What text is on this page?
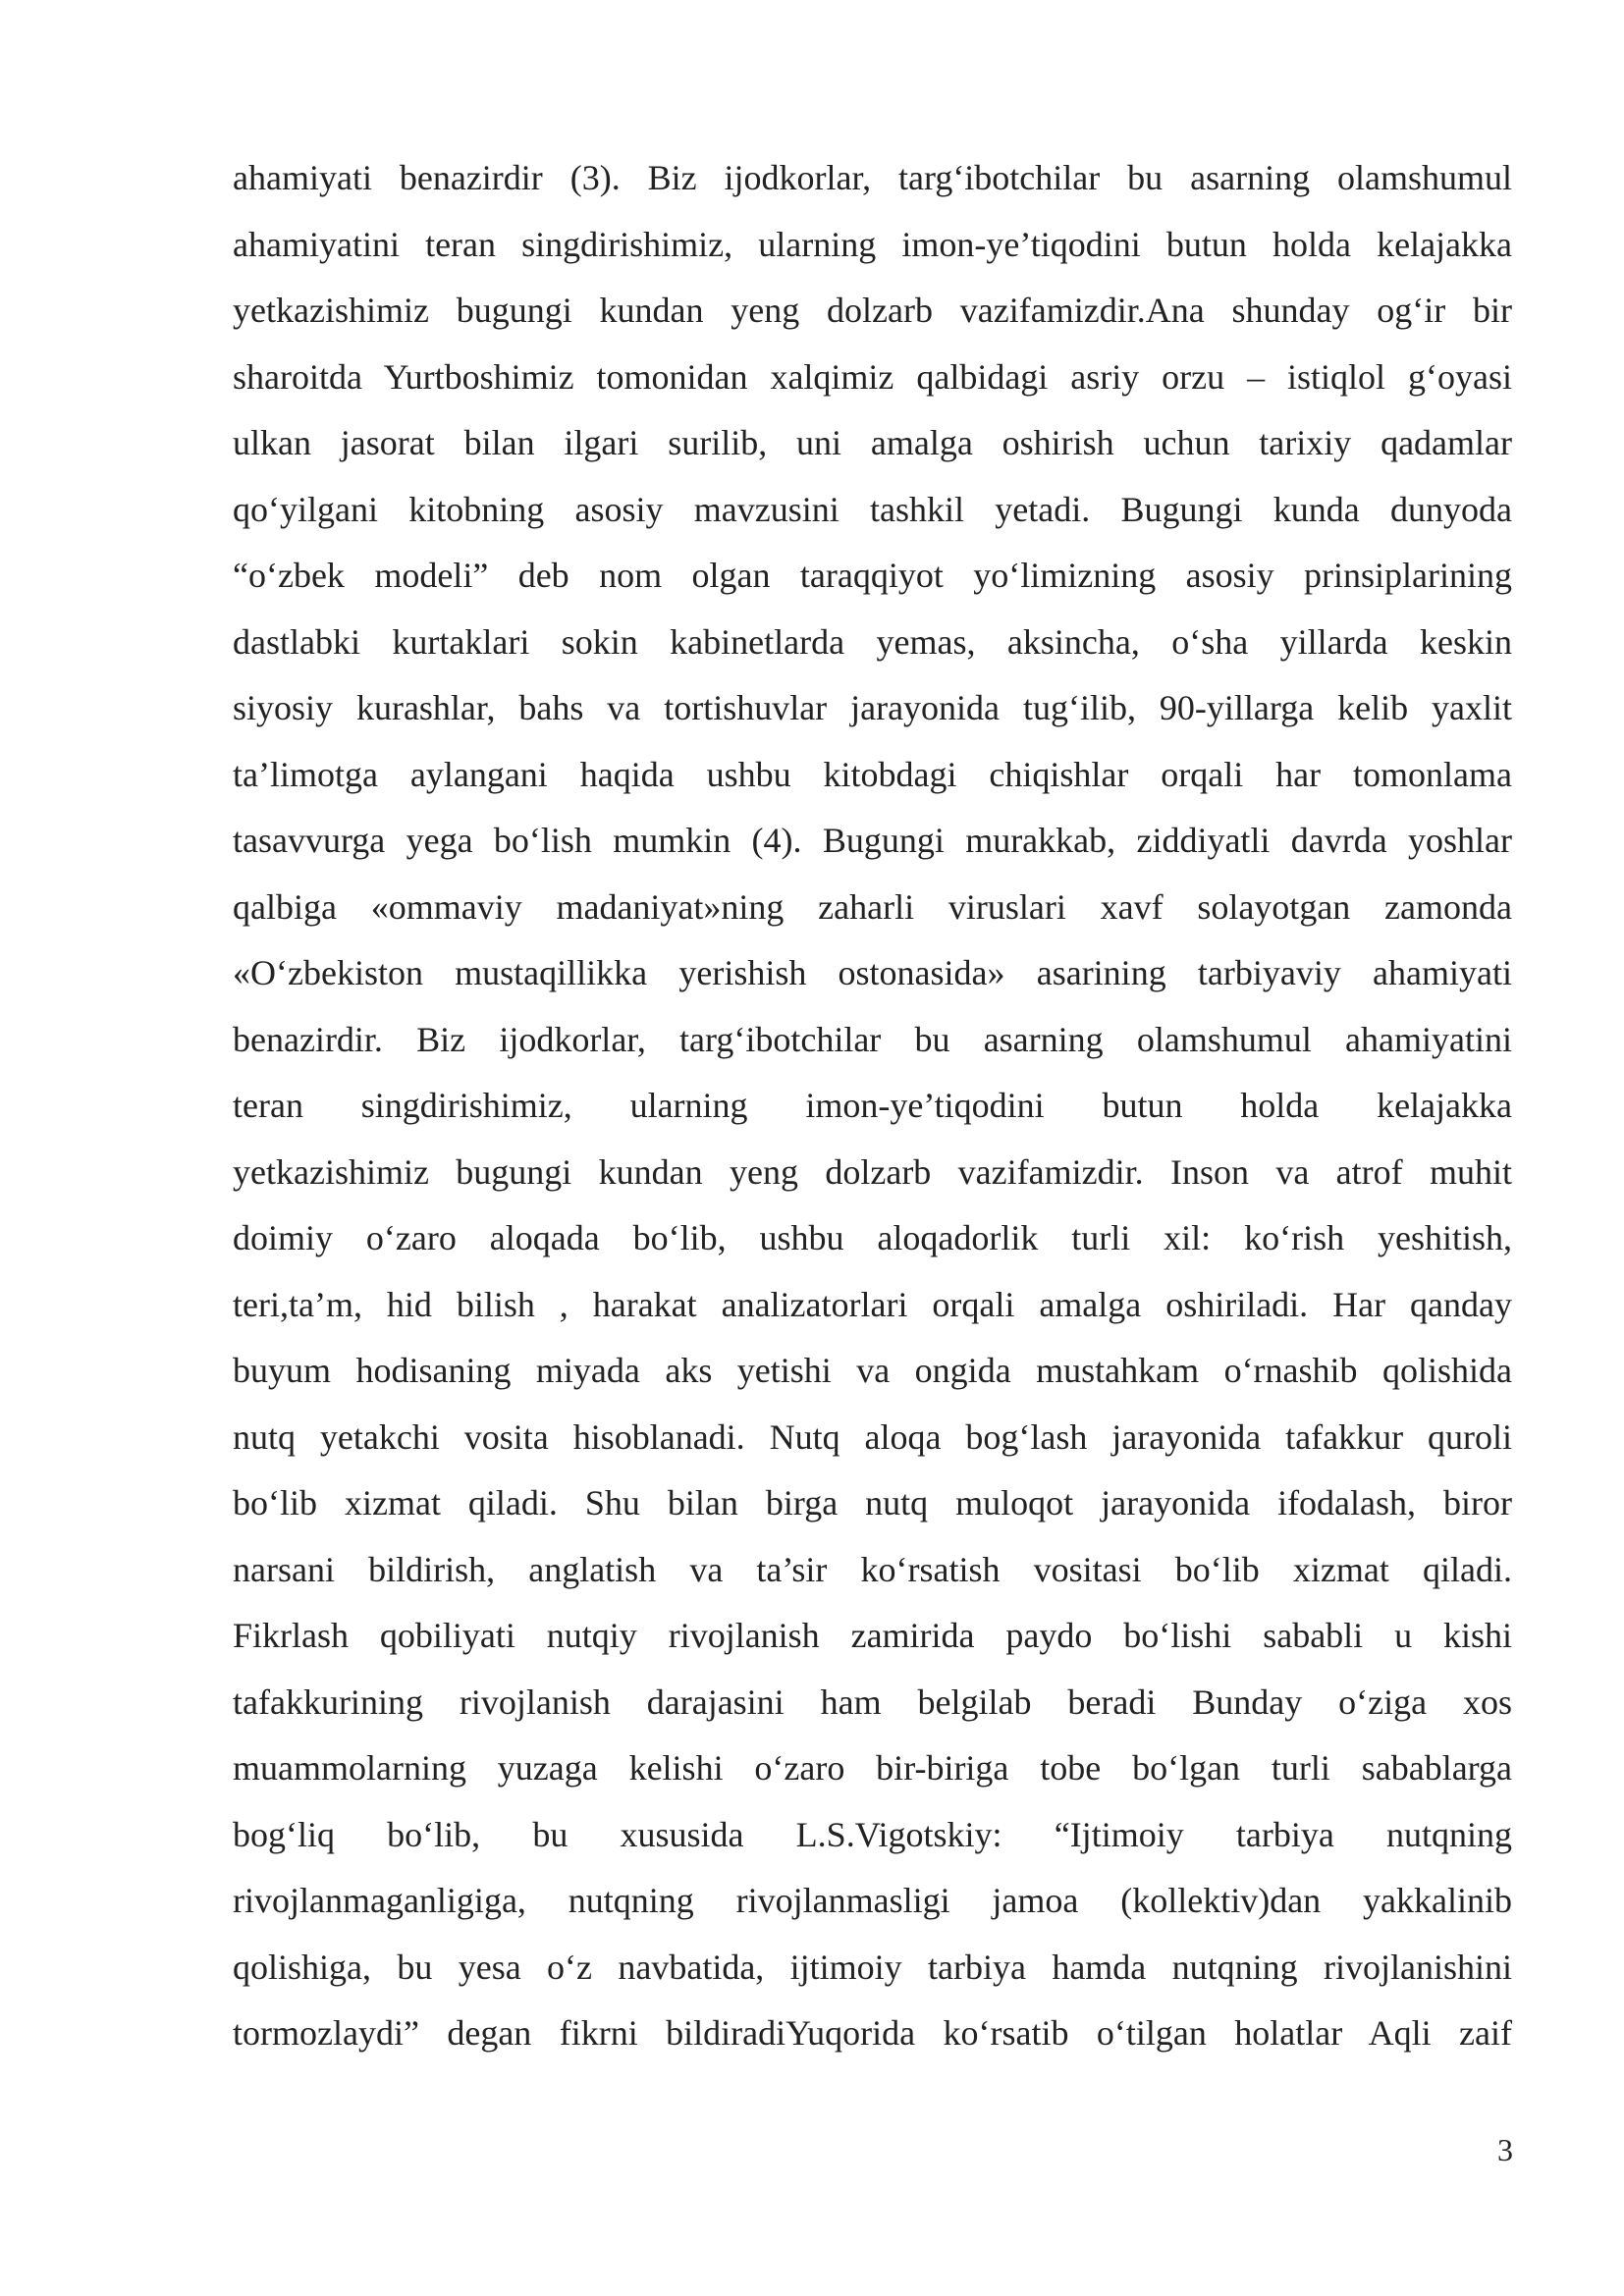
ahamiyati benazirdir (3). Biz ijodkorlar, targ‘ibotchilar bu asarning olamshumul
ahamiyatini teran singdirishimiz, ularning imon-ye’tiqodini butun holda kelajakka
yetkazishimiz bugungi kundan yeng dolzarb vazifamizdir.Ana shunday og‘ir bir
sharoitda Yurtboshimiz tomonidan xalqimiz qalbidagi asriy orzu – istiqlol g‘oyasi
ulkan jasorat bilan ilgari surilib, uni amalga oshirish uchun tarixiy qadamlar
qo‘yilgani kitobning asosiy mavzusini tashkil yetadi. Bugungi kunda dunyoda
“o‘zbek modeli” deb nom olgan taraqqiyot yo‘limizning asosiy prinsiplarining
dastlabki kurtaklari sokin kabinetlarda yemas, aksincha, o‘sha yillarda keskin
siyosiy kurashlar, bahs va tortishuvlar jarayonida tug‘ilib, 90-yillarga kelib yaxlit
ta’limotga aylangani haqida ushbu kitobdagi chiqishlar orqali har tomonlama
tasavvurga yega bo‘lish mumkin (4). Bugungi murakkab, ziddiyatli davrda yoshlar
qalbiga «ommaviy madaniyat»ning zaharli viruslari xavf solayotgan zamonda
«O‘zbekiston mustaqillikka yerishish ostonasida» asarining tarbiyaviy ahamiyati
benazirdir. Biz ijodkorlar, targ‘ibotchilar bu asarning olamshumul ahamiyatini
teran singdirishimiz, ularning imon-ye’tiqodini butun holda kelajakka
yetkazishimiz bugungi kundan yeng dolzarb vazifamizdir. Inson va atrof muhit
doimiy o‘zaro aloqada bo‘lib, ushbu aloqadorlik turli xil: ko‘rish yeshitish,
teri,ta’m, hid bilish , harakat analizatorlari orqali amalga oshiriladi. Har qanday
buyum hodisaning miyada aks yetishi va ongida mustahkam o‘rnashib qolishida
nutq yetakchi vosita hisoblanadi. Nutq aloqa bog‘lash jarayonida tafakkur quroli
bo‘lib xizmat qiladi. Shu bilan birga nutq muloqot jarayonida ifodalash, biror
narsani bildirish, anglatish va ta’sir ko‘rsatish vositasi bo‘lib xizmat qiladi.
Fikrlash qobiliyati nutqiy rivojlanish zamirida paydo bo‘lishi sababli u kishi
tafakkurining rivojlanish darajasini ham belgilab beradi Bunday o‘ziga xos
muammolarning yuzaga kelishi o‘zaro bir-biriga tobe bo‘lgan turli sabablarga
bog‘liq bo‘lib, bu xususida L.S.Vigotskiy: “Ijtimoiy tarbiya nutqning
rivojlanmaganligiga, nutqning rivojlanmasligi jamoa (kollektiv)dan yakkalinib
qolishiga, bu yesa o‘z navbatida, ijtimoiy tarbiya hamda nutqning rivojlanishini
tormozlaydi” degan fikrni bildiradiYuqorida ko‘rsatib o‘tilgan holatlar Aqli zaif
3
